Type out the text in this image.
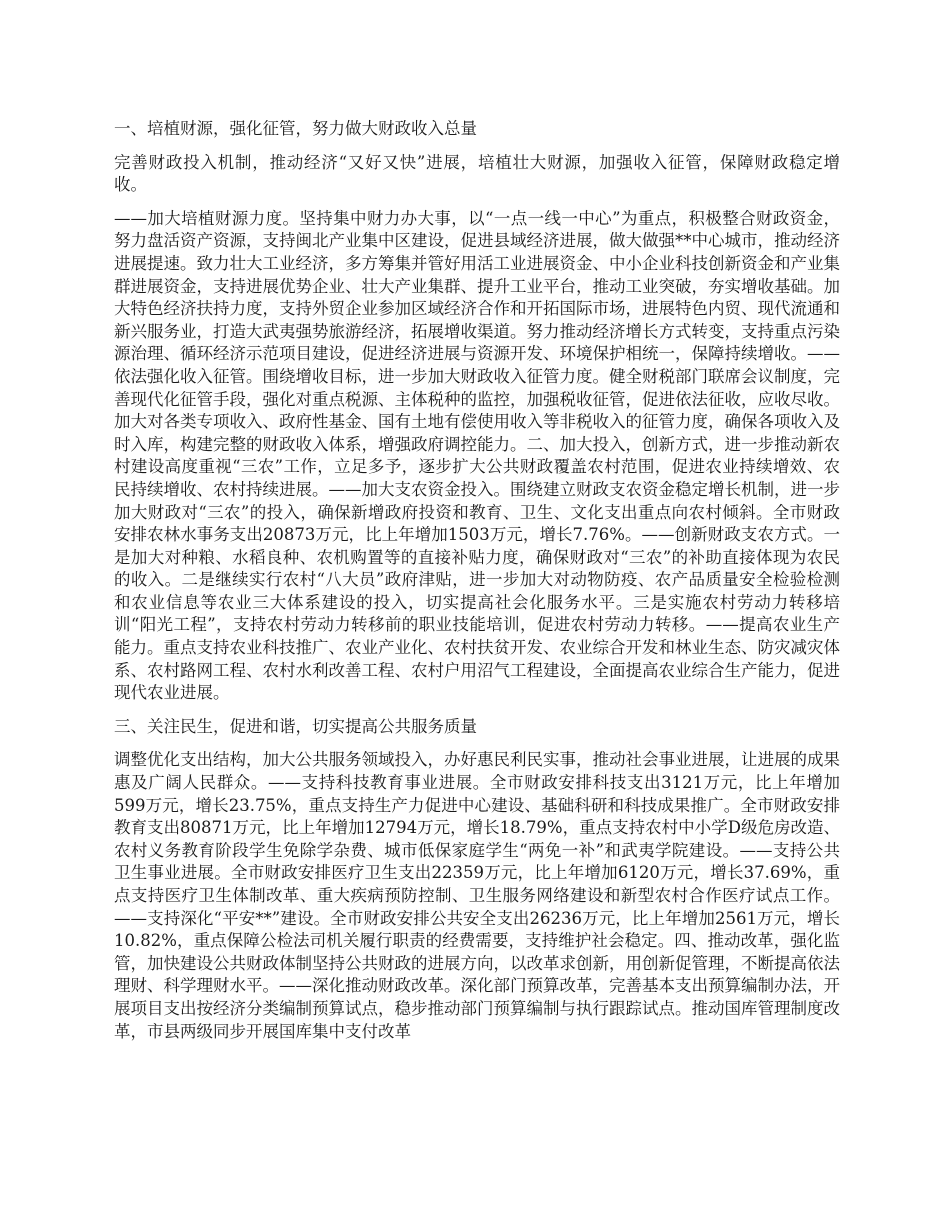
一、培植财源，强化征管，努力做大财政收入总量

完善财政投入机制，推动经济“又好又快”进展，培植壮大财源，加强收入征管，保障财政稳定增收。

——加大培植财源力度。坚持集中财力办大事，以“一点一线一中心”为重点，积极整合财政资金，努力盘活资产资源，支持闽北产业集中区建设，促进县域经济进展，做大做强**中心城市，推动经济进展提速。致力壮大工业经济，多方筹集并管好用活工业进展资金、中小企业科技创新资金和产业集群进展资金，支持进展优势企业、壮大产业集群、提升工业平台，推动工业突破，夯实增收基础。加大特色经济扶持力度，支持外贸企业参加区域经济合作和开拓国际市场，进展特色内贸、现代流通和新兴服务业，打造大武夷强势旅游经济，拓展增收渠道。努力推动经济增长方式转变，支持重点污染源治理、循环经济示范项目建设，促进经济进展与资源开发、环境保护相统一，保障持续增收。——依法强化收入征管。围绕增收目标，进一步加大财政收入征管力度。健全财税部门联席会议制度，完善现代化征管手段，强化对重点税源、主体税种的监控，加强税收征管，促进依法征收，应收尽收。加大对各类专项收入、政府性基金、国有土地有偿使用收入等非税收入的征管力度，确保各项收入及时入库，构建完整的财政收入体系，增强政府调控能力。二、加大投入，创新方式，进一步推动新农村建设高度重视“三农”工作，立足多予，逐步扩大公共财政覆盖农村范围，促进农业持续增效、农民持续增收、农村持续进展。——加大支农资金投入。围绕建立财政支农资金稳定增长机制，进一步加大财政对“三农”的投入，确保新增政府投资和教育、卫生、文化支出重点向农村倾斜。全市财政安排农林水事务支出20873万元，比上年增加1503万元，增长7.76%。——创新财政支农方式。一是加大对种粮、水稻良种、农机购置等的直接补贴力度，确保财政对“三农”的补助直接体现为农民的收入。二是继续实行农村“八大员”政府津贴，进一步加大对动物防疫、农产品质量安全检验检测和农业信息等农业三大体系建设的投入，切实提高社会化服务水平。三是实施农村劳动力转移培训“阳光工程”，支持农村劳动力转移前的职业技能培训，促进农村劳动力转移。——提高农业生产能力。重点支持农业科技推广、农业产业化、农村扶贫开发、农业综合开发和林业生态、防灾减灾体系、农村路网工程、农村水利改善工程、农村户用沼气工程建设，全面提高农业综合生产能力，促进现代农业进展。

三、关注民生，促进和谐，切实提高公共服务质量

调整优化支出结构，加大公共服务领域投入，办好惠民利民实事，推动社会事业进展，让进展的成果惠及广阔人民群众。——支持科技教育事业进展。全市财政安排科技支出3121万元，比上年增加599万元，增长23.75%，重点支持生产力促进中心建设、基础科研和科技成果推广。全市财政安排教育支出80871万元，比上年增加12794万元，增长18.79%，重点支持农村中小学D级危房改造、农村义务教育阶段学生免除学杂费、城市低保家庭学生“两免一补”和武夷学院建设。——支持公共卫生事业进展。全市财政安排医疗卫生支出22359万元，比上年增加6120万元，增长37.69%，重点支持医疗卫生体制改革、重大疾病预防控制、卫生服务网络建设和新型农村合作医疗试点工作。——支持深化“平安**”建设。全市财政安排公共安全支出26236万元，比上年增加2561万元，增长10.82%，重点保障公检法司机关履行职责的经费需要，支持维护社会稳定。四、推动改革，强化监管，加快建设公共财政体制坚持公共财政的进展方向，以改革求创新，用创新促管理，不断提高依法理财、科学理财水平。——深化推动财政改革。深化部门预算改革，完善基本支出预算编制办法，开展项目支出按经济分类编制预算试点，稳步推动部门预算编制与执行跟踪试点。推动国库管理制度改革，市县两级同步开展国库集中支付改革
